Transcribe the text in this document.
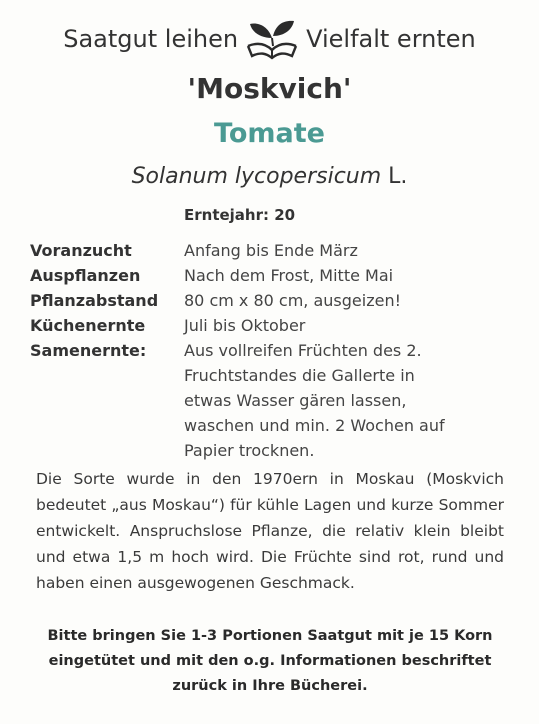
Saatgut leihen	Vielfalt ernten
'Moskvich'
Tomate
Solanum lycopersicum L.
Erntejahr: 20
Voranzucht	Anfang bis Ende März
Auspflanzen	Nach dem Frost, Mitte Mai
Pflanzabstand	80 cm x 80 cm, ausgeizen!
Küchenernte	Juli bis Oktober
Samenernte:	Aus vollreifen Früchten des 2. Fruchtstandes die Gallerte in etwas Wasser gären lassen, waschen und min. 2 Wochen auf Papier trocknen.
Die Sorte wurde in den 1970ern in Moskau (Moskvich bedeutet „aus Moskau“) für kühle Lagen und kurze Sommer entwickelt. Anspruchslose Pflanze, die relativ klein bleibt und etwa 1,5 m hoch wird. Die Früchte sind rot, rund und haben einen ausgewogenen Geschmack.
Bitte bringen Sie 1-3 Portionen Saatgut mit je 15 Korn eingetütet und mit den o.g. Informationen beschriftet zurück in Ihre Bücherei.
